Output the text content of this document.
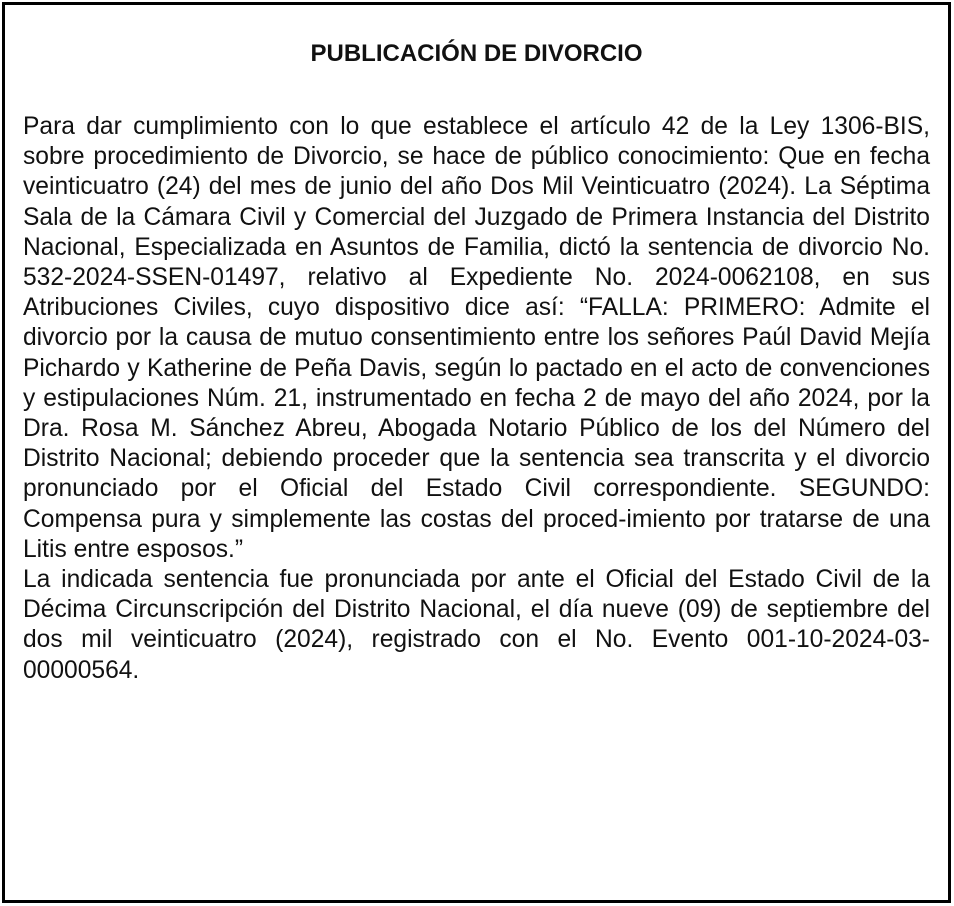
PUBLICACIÓN DE DIVORCIO

Para dar cumplimiento con lo que establece el artículo 42 de la Ley 1306-BIS, sobre procedimiento de Divorcio, se hace de público conocimiento: Que en fecha veinticuatro (24) del mes de junio del año Dos Mil Veinticuatro (2024). La Séptima Sala de la Cámara Civil y Comercial del Juzgado de Primera Instancia del Distrito Nacional, Especializada en Asuntos de Familia, dictó la sentencia de divorcio No. 532-2024-SSEN-01497, relativo al Expediente No. 2024-0062108, en sus Atribuciones Civiles, cuyo dispositivo dice así: “FALLA: PRIMERO: Admite el divorcio por la causa de mutuo consentimiento entre los señores Paúl David Mejía Pichardo y Katherine de Peña Davis, según lo pactado en el acto de convenciones y estipulaciones Núm. 21, instrumentado en fecha 2 de mayo del año 2024, por la Dra. Rosa M. Sánchez Abreu, Abogada Notario Público de los del Número del Distrito Nacional; debiendo proceder que la sentencia sea transcrita y el divorcio pronunciado por el Oficial del Estado Civil correspondiente. SEGUNDO: Compensa pura y simplemente las costas del proced-imiento por tratarse de una Litis entre esposos.”

La indicada sentencia fue pronunciada por ante el Oficial del Estado Civil de la Décima Circunscripción del Distrito Nacional, el día nueve (09) de septiembre del dos mil veinticuatro (2024), registrado con el No. Evento 001-10-2024-03-00000564.
